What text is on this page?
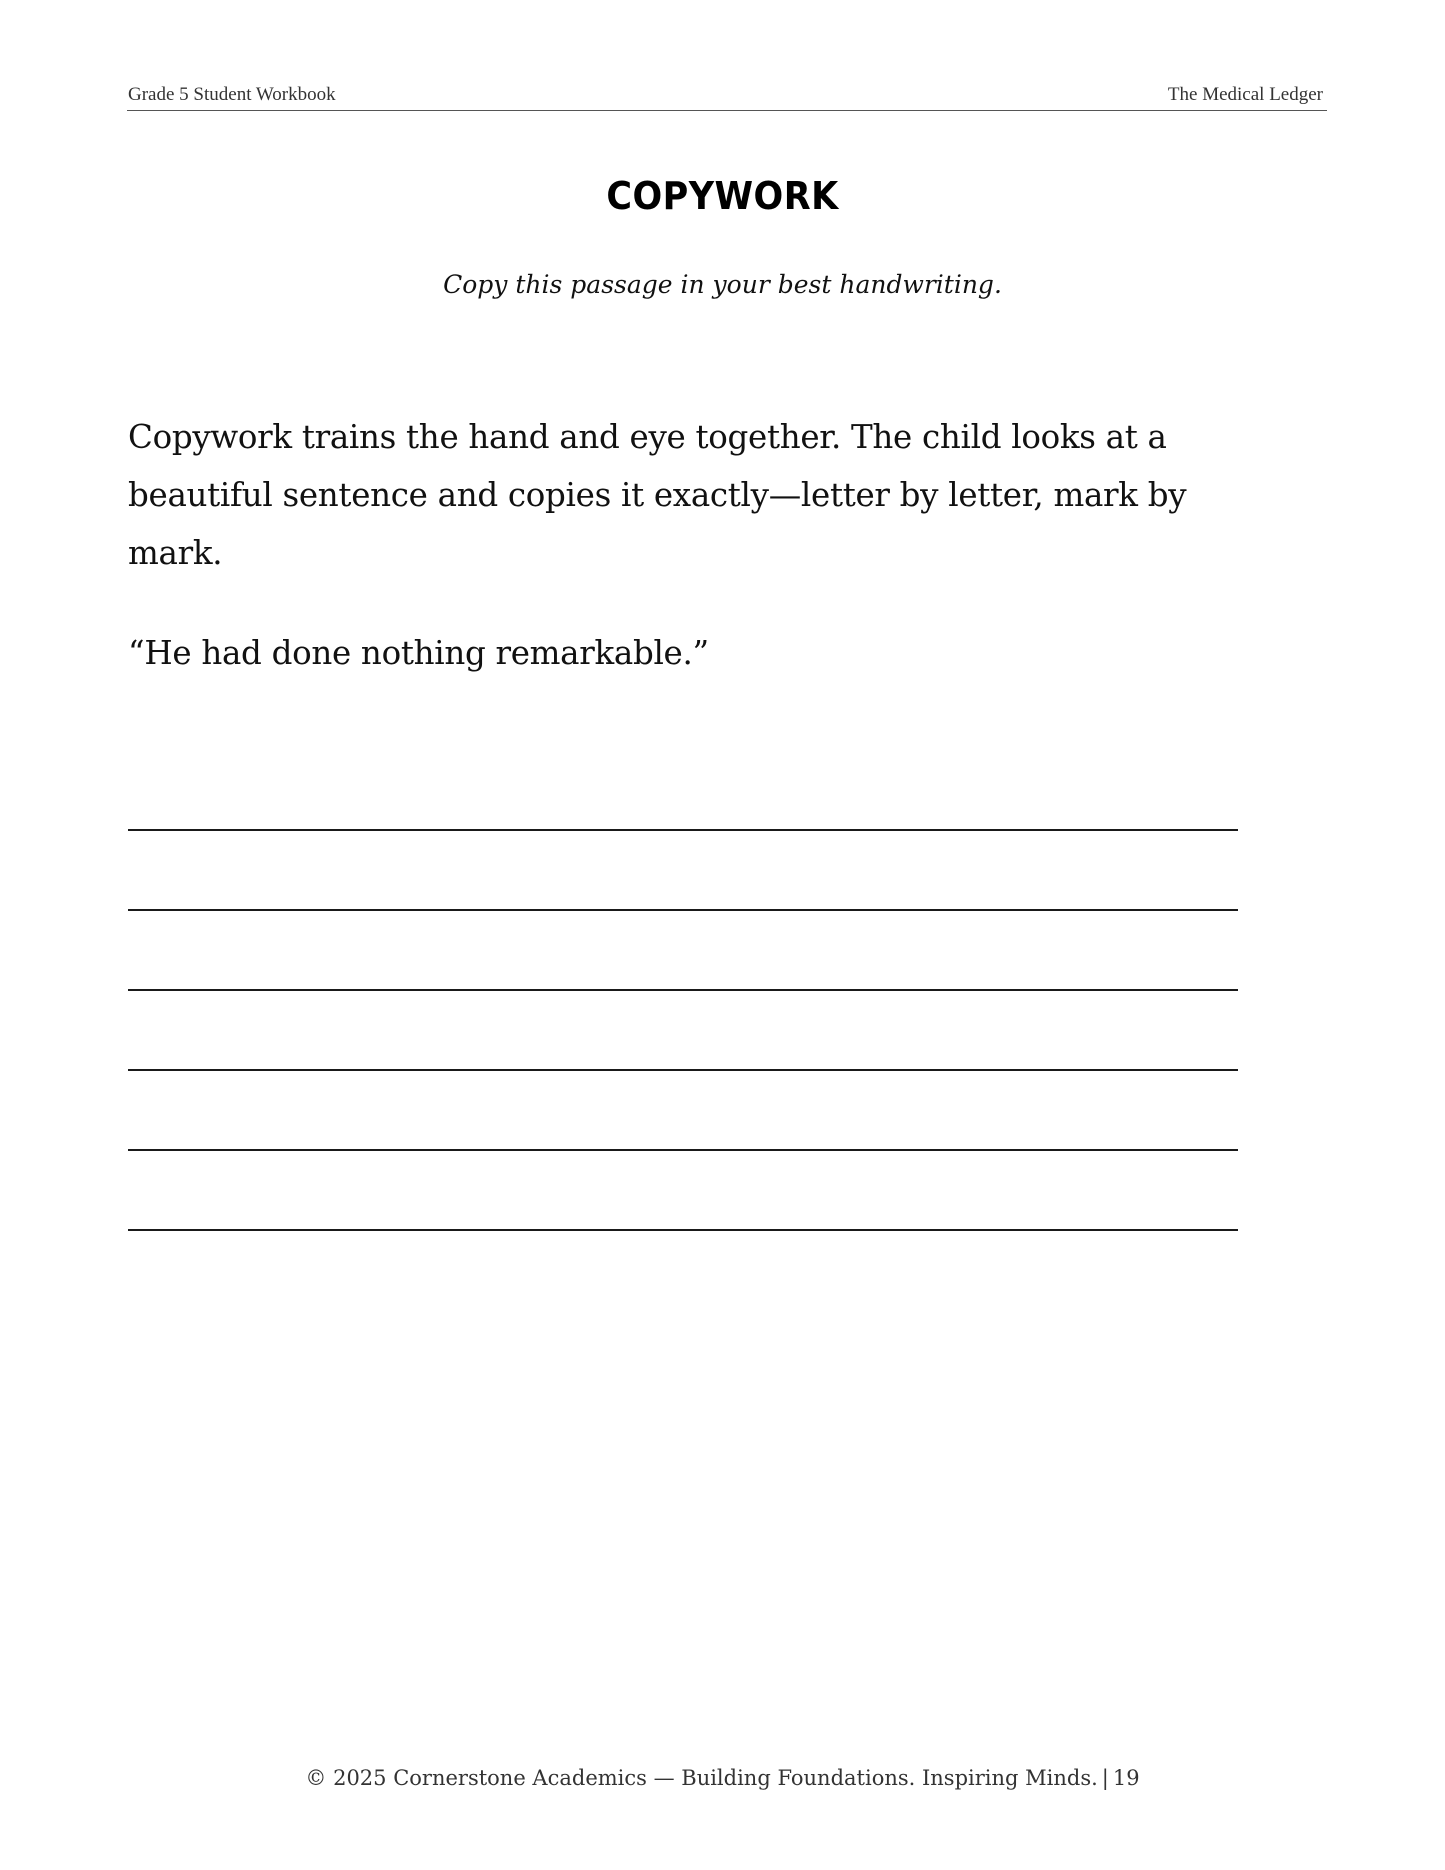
Grade 5 Student Workbook	The Medical Ledger
COPYWORK
Copy this passage in your best handwriting.
Copywork trains the hand and eye together. The child looks at a beautiful sentence and copies it exactly—letter by letter, mark by mark.
“He had done nothing remarkable.”
© 2025 Cornerstone Academics — Building Foundations. Inspiring Minds. | 19
